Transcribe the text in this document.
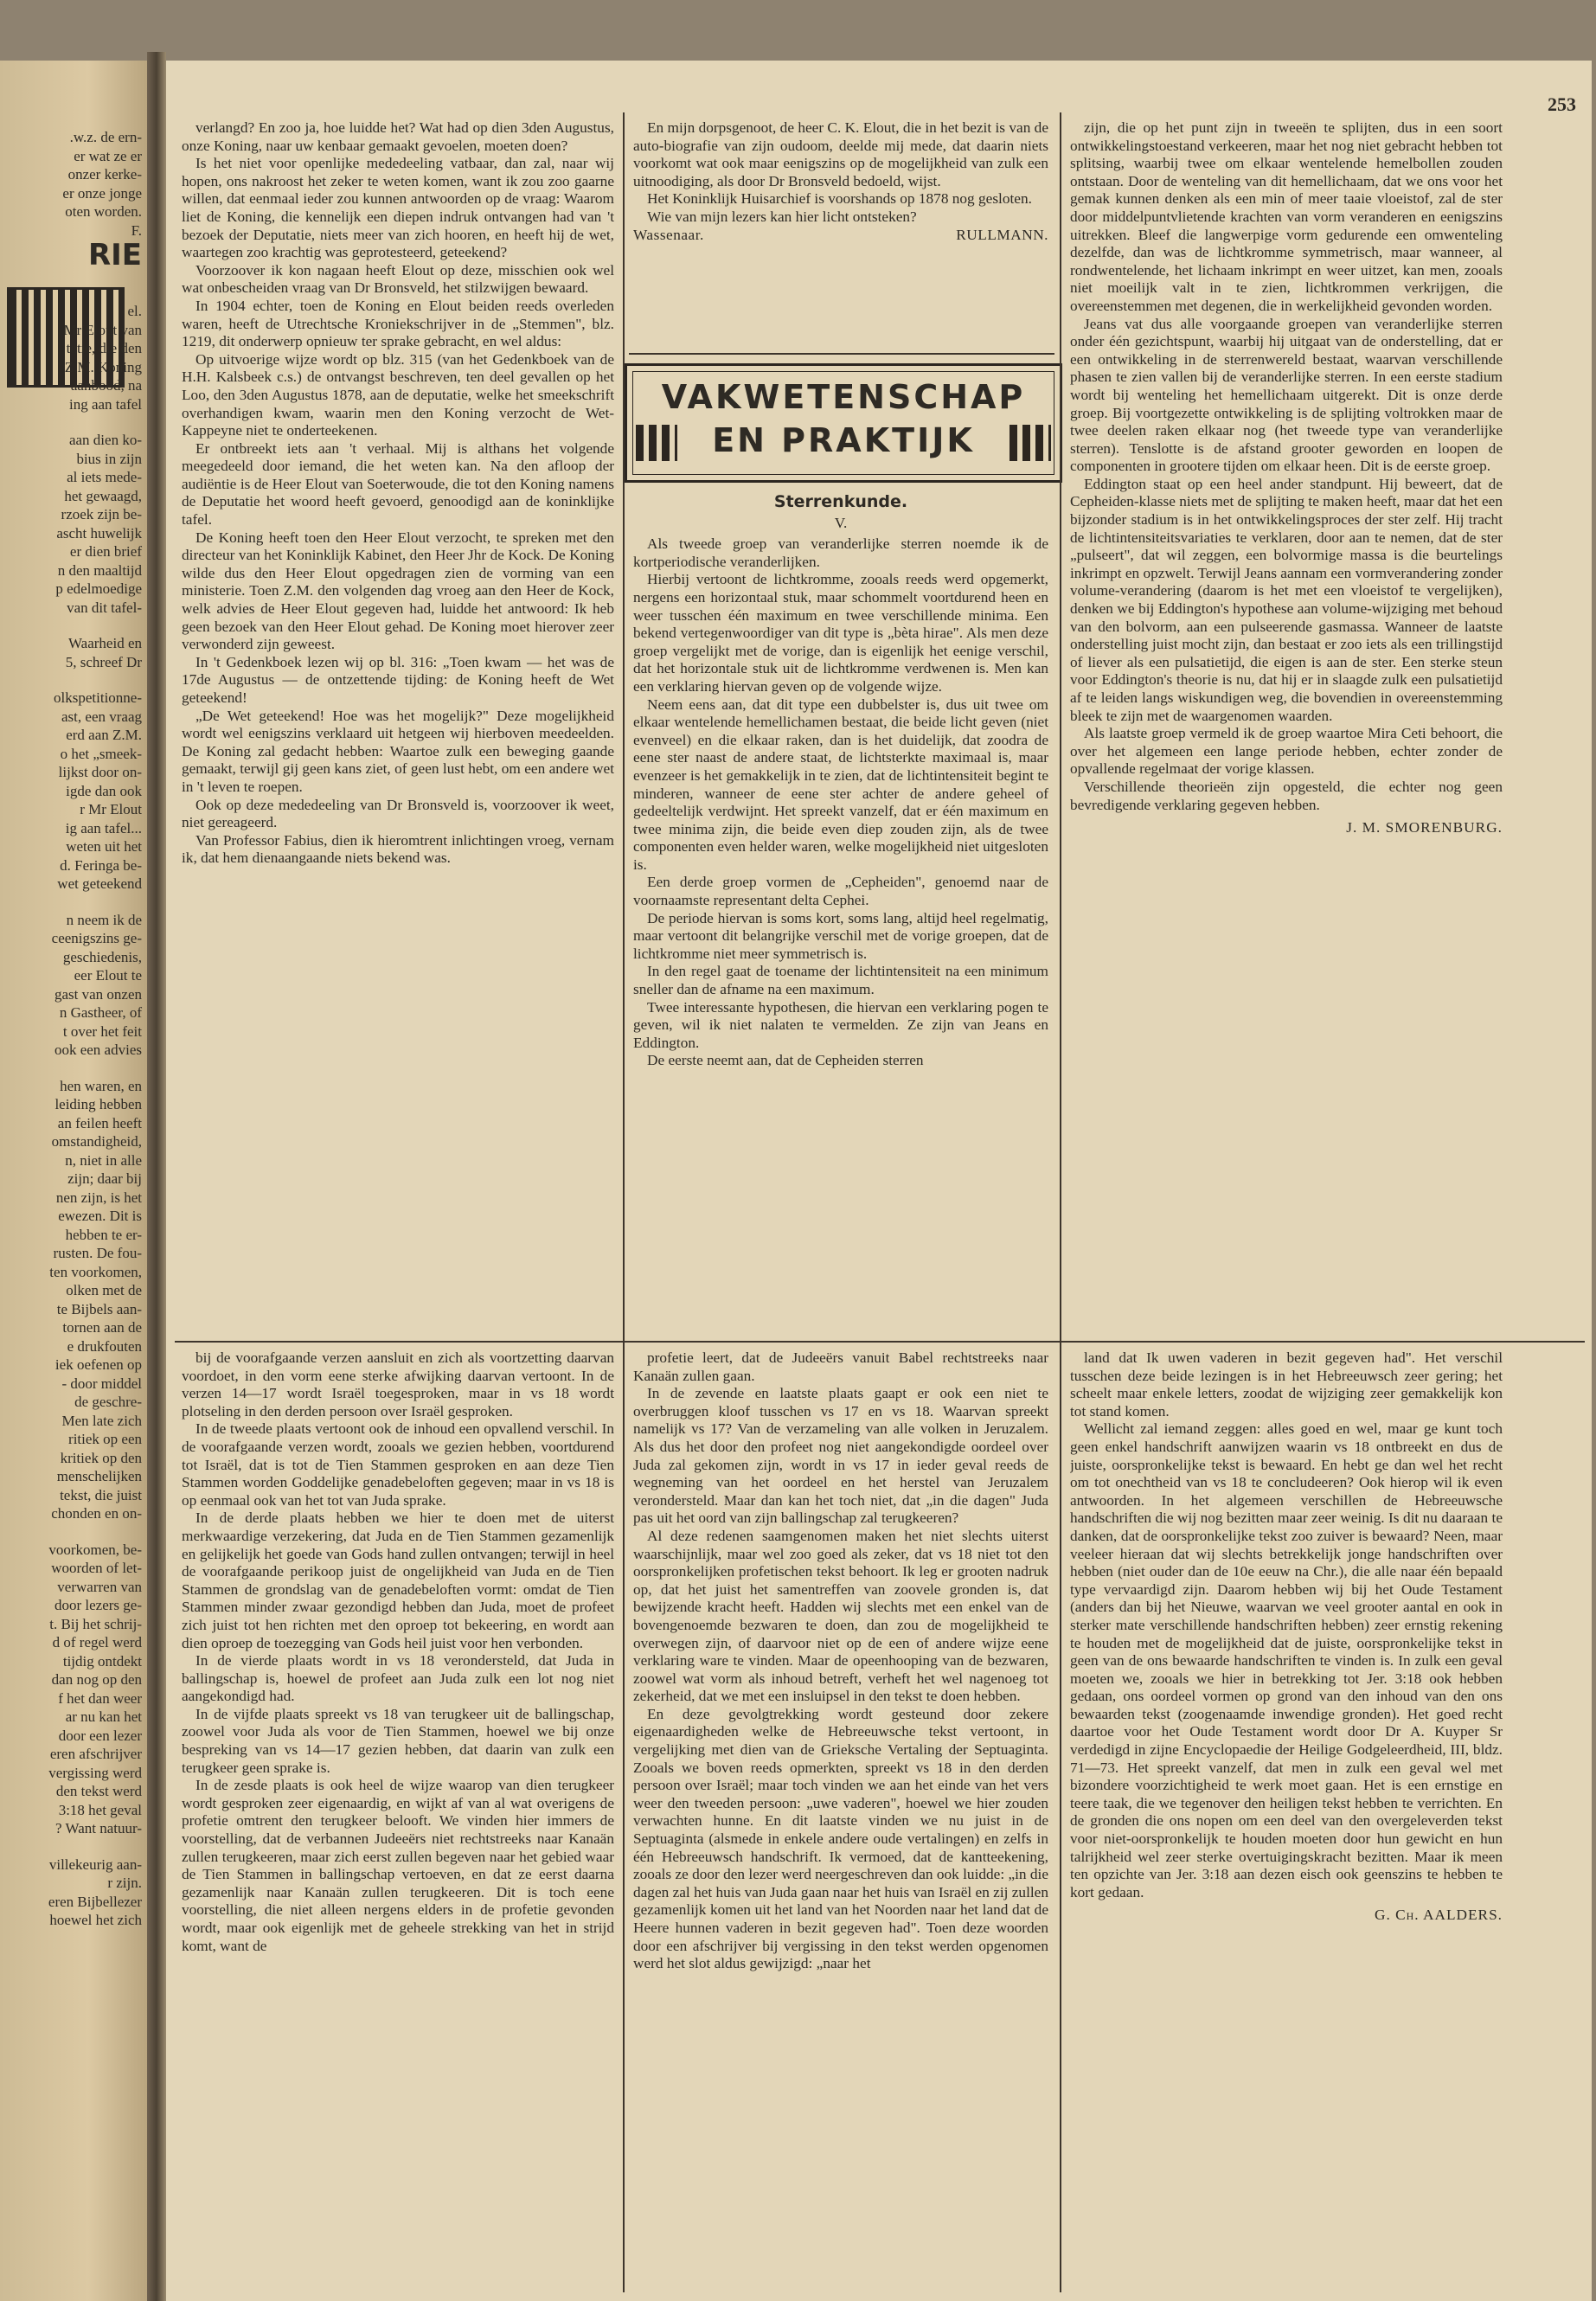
.w.z. de ern-
er wat ze er
onzer kerke-
er onze jonge
oten worden.
F.
RIE
el.
Mr Elout van
tatie, die den
Z.M. Koning
aanbood, na
ing aan tafel
aan dien ko-
bius in zijn
al iets mede-
het gewaagd,
rzoek zijn be-
ascht huwelijk
er dien brief
n den maaltijd
p edelmoedige
van dit tafel-
Waarheid en
5, schreef Dr
olkspetitionne-
ast, een vraag
erd aan Z.M.
o het „smeek-
lijkst door on-
igde dan ook
r Mr Elout
ig aan tafel...
weten uit het
d. Feringa be-
wet geteekend
n neem ik de
ceenigszins ge-
geschiedenis,
eer Elout te
gast van onzen
n Gastheer, of
t over het feit
ook een advies
hen waren, en
leiding hebben
an feilen heeft
omstandigheid,
n, niet in alle
zijn; daar bij
nen zijn, is het
ewezen. Dit is
hebben te er-
rusten. De fou-
ten voorkomen,
olken met de
te Bijbels aan-
tornen aan de
e drukfouten
iek oefenen op
- door middel
de geschre-
Men late zich
ritiek op een
kritiek op den
menschelijken
tekst, die juist
chonden en on-
voorkomen, be-
woorden of let-
verwarren van
door lezers ge-
t. Bij het schrij-
d of regel werd
tijdig ontdekt
dan nog op den
f het dan weer
ar nu kan het
door een lezer
eren afschrijver
vergissing werd
den tekst werd
3:18 het geval
? Want natuur-
villekeurig aan-
r zijn.
eren Bijbellezer
hoewel het zich
253

verlangd? En zoo ja, hoe luidde het? Wat had op dien 3den Augustus, onze Koning, naar uw kenbaar gemaakt gevoelen, moeten doen?

Is het niet voor openlijke mededeeling vatbaar, dan zal, naar wij hopen, ons nakroost het zeker te weten komen, want ik zou zoo gaarne willen, dat eenmaal ieder zou kunnen antwoorden op de vraag: Waarom liet de Koning, die kennelijk een diepen indruk ontvangen had van 't bezoek der Deputatie, niets meer van zich hooren, en heeft hij de wet, waartegen zoo krachtig was geprotesteerd, geteekend?

Voorzoover ik kon nagaan heeft Elout op deze, misschien ook wel wat onbescheiden vraag van Dr Bronsveld, het stilzwijgen bewaard.

In 1904 echter, toen de Koning en Elout beiden reeds overleden waren, heeft de Utrechtsche Kroniekschrijver in de „Stemmen", blz. 1219, dit onderwerp opnieuw ter sprake gebracht, en wel aldus:

Op uitvoerige wijze wordt op blz. 315 (van het Gedenkboek van de H.H. Kalsbeek c.s.) de ontvangst beschreven, ten deel gevallen op het Loo, den 3den Augustus 1878, aan de deputatie, welke het smeekschrift overhandigen kwam, waarin men den Koning verzocht de Wet-Kappeyne niet te onderteekenen.

Er ontbreekt iets aan 't verhaal. Mij is althans het volgende meegedeeld door iemand, die het weten kan. Na den afloop der audiëntie is de Heer Elout van Soeterwoude, die tot den Koning namens de Deputatie het woord heeft gevoerd, genoodigd aan de koninklijke tafel.

De Koning heeft toen den Heer Elout verzocht, te spreken met den directeur van het Koninklijk Kabinet, den Heer Jhr de Kock. De Koning wilde dus den Heer Elout opgedragen zien de vorming van een ministerie. Toen Z.M. den volgenden dag vroeg aan den Heer de Kock, welk advies de Heer Elout gegeven had, luidde het antwoord: Ik heb geen bezoek van den Heer Elout gehad. De Koning moet hierover zeer verwonderd zijn geweest.

In 't Gedenkboek lezen wij op bl. 316: „Toen kwam — het was de 17de Augustus — de ontzettende tijding: de Koning heeft de Wet geteekend!

„De Wet geteekend! Hoe was het mogelijk?" Deze mogelijkheid wordt wel eenigszins verklaard uit hetgeen wij hierboven meedeelden. De Koning zal gedacht hebben: Waartoe zulk een beweging gaande gemaakt, terwijl gij geen kans ziet, of geen lust hebt, om een andere wet in 't leven te roepen.

Ook op deze mededeeling van Dr Bronsveld is, voorzoover ik weet, niet gereageerd.

Van Professor Fabius, dien ik hieromtrent inlichtingen vroeg, vernam ik, dat hem dienaangaande niets bekend was.

En mijn dorpsgenoot, de heer C. K. Elout, die in het bezit is van de auto-biografie van zijn oudoom, deelde mij mede, dat daarin niets voorkomt wat ook maar eenigszins op de mogelijkheid van zulk een uitnoodiging, als door Dr Bronsveld bedoeld, wijst.

Het Koninklijk Huisarchief is voorshands op 1878 nog gesloten.

Wie van mijn lezers kan hier licht ontsteken?

Wassenaar.	RULLMANN.
VAKWETENSCHAP
EN PRAKTIJK
Sterrenkunde.
V.

Als tweede groep van veranderlijke sterren noemde ik de kortperiodische veranderlijken.

Hierbij vertoont de lichtkromme, zooals reeds werd opgemerkt, nergens een horizontaal stuk, maar schommelt voortdurend heen en weer tusschen één maximum en twee verschillende minima. Een bekend vertegenwoordiger van dit type is „bèta hirae". Als men deze groep vergelijkt met de vorige, dan is eigenlijk het eenige verschil, dat het horizontale stuk uit de lichtkromme verdwenen is. Men kan een verklaring hiervan geven op de volgende wijze.

Neem eens aan, dat dit type een dubbelster is, dus uit twee om elkaar wentelende hemellichamen bestaat, die beide licht geven (niet evenveel) en die elkaar raken, dan is het duidelijk, dat zoodra de eene ster naast de andere staat, de lichtsterkte maximaal is, maar evenzeer is het gemakkelijk in te zien, dat de lichtintensiteit begint te minderen, wanneer de eene ster achter de andere geheel of gedeeltelijk verdwijnt. Het spreekt vanzelf, dat er één maximum en twee minima zijn, die beide even diep zouden zijn, als de twee componenten even helder waren, welke mogelijkheid niet uitgesloten is.

Een derde groep vormen de „Cepheiden", genoemd naar de voornaamste representant delta Cephei.

De periode hiervan is soms kort, soms lang, altijd heel regelmatig, maar vertoont dit belangrijke verschil met de vorige groepen, dat de lichtkromme niet meer symmetrisch is.

In den regel gaat de toename der lichtintensiteit na een minimum sneller dan de afname na een maximum.

Twee interessante hypothesen, die hiervan een verklaring pogen te geven, wil ik niet nalaten te vermelden. Ze zijn van Jeans en Eddington.

De eerste neemt aan, dat de Cepheiden sterren

zijn, die op het punt zijn in tweeën te splijten, dus in een soort ontwikkelingstoestand verkeeren, maar het nog niet gebracht hebben tot splitsing, waarbij twee om elkaar wentelende hemelbollen zouden ontstaan. Door de wenteling van dit hemellichaam, dat we ons voor het gemak kunnen denken als een min of meer taaie vloeistof, zal de ster door middelpuntvlietende krachten van vorm veranderen en eenigszins uitrekken. Bleef die langwerpige vorm gedurende een omwenteling dezelfde, dan was de lichtkromme symmetrisch, maar wanneer, al rondwentelende, het lichaam inkrimpt en weer uitzet, kan men, zooals niet moeilijk valt in te zien, lichtkrommen verkrijgen, die overeenstemmen met degenen, die in werkelijkheid gevonden worden.

Jeans vat dus alle voorgaande groepen van veranderlijke sterren onder één gezichtspunt, waarbij hij uitgaat van de onderstelling, dat er een ontwikkeling in de sterrenwereld bestaat, waarvan verschillende phasen te zien vallen bij de veranderlijke sterren. In een eerste stadium wordt bij wenteling het hemellichaam uitgerekt. Dit is onze derde groep. Bij voortgezette ontwikkeling is de splijting voltrokken maar de twee deelen raken elkaar nog (het tweede type van veranderlijke sterren). Tenslotte is de afstand grooter geworden en loopen de componenten in grootere tijden om elkaar heen. Dit is de eerste groep.

Eddington staat op een heel ander standpunt. Hij beweert, dat de Cepheiden-klasse niets met de splijting te maken heeft, maar dat het een bijzonder stadium is in het ontwikkelingsproces der ster zelf. Hij tracht de lichtintensiteitsvariaties te verklaren, door aan te nemen, dat de ster „pulseert", dat wil zeggen, een bolvormige massa is die beurtelings inkrimpt en opzwelt. Terwijl Jeans aannam een vormverandering zonder volume-verandering (daarom is het met een vloeistof te vergelijken), denken we bij Eddington's hypothese aan volume-wijziging met behoud van den bolvorm, aan een pulseerende gasmassa. Wanneer de laatste onderstelling juist mocht zijn, dan bestaat er zoo iets als een trillingstijd of liever als een pulsatietijd, die eigen is aan de ster. Een sterke steun voor Eddington's theorie is nu, dat hij er in slaagde zulk een pulsatietijd af te leiden langs wiskundigen weg, die bovendien in overeenstemming bleek te zijn met de waargenomen waarden.

Als laatste groep vermeld ik de groep waartoe Mira Ceti behoort, die over het algemeen een lange periode hebben, echter zonder de opvallende regelmaat der vorige klassen.

Verschillende theorieën zijn opgesteld, die echter nog geen bevredigende verklaring gegeven hebben.

J. M. SMORENBURG.

bij de voorafgaande verzen aansluit en zich als voortzetting daarvan voordoet, in den vorm eene sterke afwijking daarvan vertoont. In de verzen 14—17 wordt Israël toegesproken, maar in vs 18 wordt plotseling in den derden persoon over Israël gesproken.

In de tweede plaats vertoont ook de inhoud een opvallend verschil. In de voorafgaande verzen wordt, zooals we gezien hebben, voortdurend tot Israël, dat is tot de Tien Stammen gesproken en aan deze Tien Stammen worden Goddelijke genadebeloften gegeven; maar in vs 18 is op eenmaal ook van het tot van Juda sprake.

In de derde plaats hebben we hier te doen met de uiterst merkwaardige verzekering, dat Juda en de Tien Stammen gezamenlijk en gelijkelijk het goede van Gods hand zullen ontvangen; terwijl in heel de voorafgaande perikoop juist de ongelijkheid van Juda en de Tien Stammen de grondslag van de genadebeloften vormt: omdat de Tien Stammen minder zwaar gezondigd hebben dan Juda, moet de profeet zich juist tot hen richten met den oproep tot bekeering, en wordt aan dien oproep de toezegging van Gods heil juist voor hen verbonden.

In de vierde plaats wordt in vs 18 verondersteld, dat Juda in ballingschap is, hoewel de profeet aan Juda zulk een lot nog niet aangekondigd had.

In de vijfde plaats spreekt vs 18 van terugkeer uit de ballingschap, zoowel voor Juda als voor de Tien Stammen, hoewel we bij onze bespreking van vs 14—17 gezien hebben, dat daarin van zulk een terugkeer geen sprake is.

In de zesde plaats is ook heel de wijze waarop van dien terugkeer wordt gesproken zeer eigenaardig, en wijkt af van al wat overigens de profetie omtrent den terugkeer belooft. We vinden hier immers de voorstelling, dat de verbannen Judeeërs niet rechtstreeks naar Kanaän zullen terugkeeren, maar zich eerst zullen begeven naar het gebied waar de Tien Stammen in ballingschap vertoeven, en dat ze eerst daarna gezamenlijk naar Kanaän zullen terugkeeren. Dit is toch eene voorstelling, die niet alleen nergens elders in de profetie gevonden wordt, maar ook eigenlijk met de geheele strekking van het in strijd komt, want de

profetie leert, dat de Judeeërs vanuit Babel rechtstreeks naar Kanaän zullen gaan.

In de zevende en laatste plaats gaapt er ook een niet te overbruggen kloof tusschen vs 17 en vs 18. Waarvan spreekt namelijk vs 17? Van de verzameling van alle volken in Jeruzalem. Als dus het door den profeet nog niet aangekondigde oordeel over Juda zal gekomen zijn, wordt in vs 17 in ieder geval reeds de wegneming van het oordeel en het herstel van Jeruzalem verondersteld. Maar dan kan het toch niet, dat „in die dagen" Juda pas uit het oord van zijn ballingschap zal terugkeeren?

Al deze redenen saamgenomen maken het niet slechts uiterst waarschijnlijk, maar wel zoo goed als zeker, dat vs 18 niet tot den oorspronkelijken profetischen tekst behoort. Ik leg er grooten nadruk op, dat het juist het samentreffen van zoovele gronden is, dat bewijzende kracht heeft. Hadden wij slechts met een enkel van de bovengenoemde bezwaren te doen, dan zou de mogelijkheid te overwegen zijn, of daarvoor niet op de een of andere wijze eene verklaring ware te vinden. Maar de opeenhooping van de bezwaren, zoowel wat vorm als inhoud betreft, verheft het wel nagenoeg tot zekerheid, dat we met een insluipsel in den tekst te doen hebben.

En deze gevolgtrekking wordt gesteund door zekere eigenaardigheden welke de Hebreeuwsche tekst vertoont, in vergelijking met dien van de Grieksche Vertaling der Septuaginta. Zooals we boven reeds opmerkten, spreekt vs 18 in den derden persoon over Israël; maar toch vinden we aan het einde van het vers weer den tweeden persoon: „uwe vaderen", hoewel we hier zouden verwachten hunne. En dit laatste vinden we nu juist in de Septuaginta (alsmede in enkele andere oude vertalingen) en zelfs in één Hebreeuwsch handschrift. Ik vermoed, dat de kantteekening, zooals ze door den lezer werd neergeschreven dan ook luidde: „in die dagen zal het huis van Juda gaan naar het huis van Israël en zij zullen gezamenlijk komen uit het land van het Noorden naar het land dat de Heere hunnen vaderen in bezit gegeven had". Toen deze woorden door een afschrijver bij vergissing in den tekst werden opgenomen werd het slot aldus gewijzigd: „naar het

land dat Ik uwen vaderen in bezit gegeven had". Het verschil tusschen deze beide lezingen is in het Hebreeuwsch zeer gering; het scheelt maar enkele letters, zoodat de wijziging zeer gemakkelijk kon tot stand komen.

Wellicht zal iemand zeggen: alles goed en wel, maar ge kunt toch geen enkel handschrift aanwijzen waarin vs 18 ontbreekt en dus de juiste, oorspronkelijke tekst is bewaard. En hebt ge dan wel het recht om tot onechtheid van vs 18 te concludeeren? Ook hierop wil ik even antwoorden. In het algemeen verschillen de Hebreeuwsche handschriften die wij nog bezitten maar zeer weinig. Is dit nu daaraan te danken, dat de oorspronkelijke tekst zoo zuiver is bewaard? Neen, maar veeleer hieraan dat wij slechts betrekkelijk jonge handschriften over hebben (niet ouder dan de 10e eeuw na Chr.), die alle naar één bepaald type vervaardigd zijn. Daarom hebben wij bij het Oude Testament (anders dan bij het Nieuwe, waarvan we veel grooter aantal en ook in sterker mate verschillende handschriften hebben) zeer ernstig rekening te houden met de mogelijkheid dat de juiste, oorspronkelijke tekst in geen van de ons bewaarde handschriften te vinden is. In zulk een geval moeten we, zooals we hier in betrekking tot Jer. 3:18 ook hebben gedaan, ons oordeel vormen op grond van den inhoud van den ons bewaarden tekst (zoogenaamde inwendige gronden). Het goed recht daartoe voor het Oude Testament wordt door Dr A. Kuyper Sr verdedigd in zijne Encyclopaedie der Heilige Godgeleerdheid, III, bldz. 71—73. Het spreekt vanzelf, dat men in zulk een geval wel met bizondere voorzichtigheid te werk moet gaan. Het is een ernstige en teere taak, die we tegenover den heiligen tekst hebben te verrichten. En de gronden die ons nopen om een deel van den overgeleverden tekst voor niet-oorspronkelijk te houden moeten door hun gewicht en hun talrijkheid wel zeer sterke overtuigingskracht bezitten. Maar ik meen ten opzichte van Jer. 3:18 aan dezen eisch ook geenszins te hebben te kort gedaan.

G. Ch. AALDERS.
